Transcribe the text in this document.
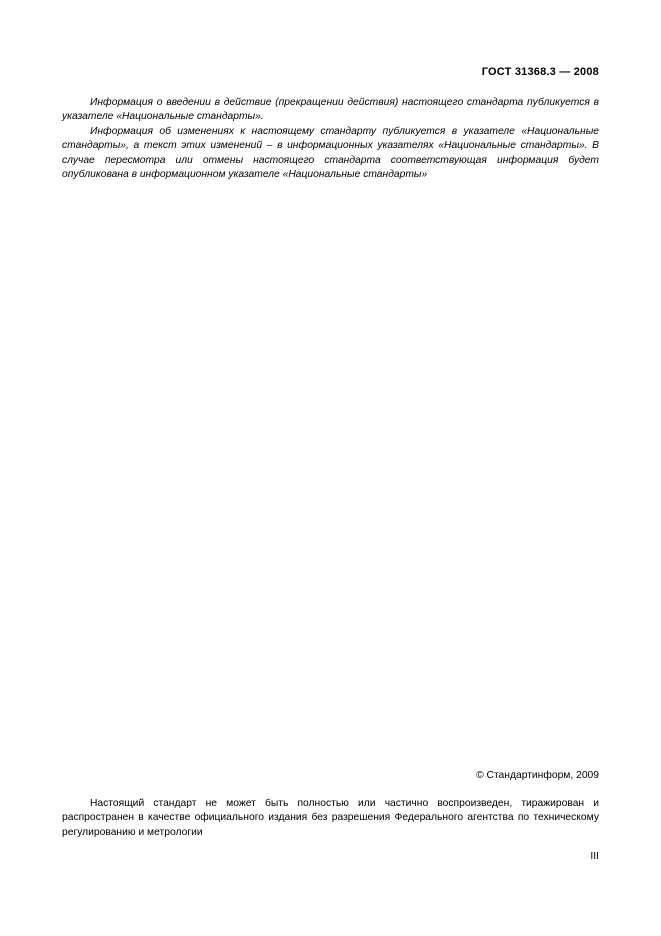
ГОСТ 31368.3 — 2008

Информация о введении в действие (прекращении действия) настоящего стандарта публикуется в указателе «Национальные стандарты».

Информация об изменениях к настоящему стандарту публикуется в указателе «Национальные стандарты», а текст этих изменений – в информационных указателях «Национальные стандарты». В случае пересмотра или отмены настоящего стандарта соответствующая информация будет опубликована в информационном указателе «Национальные стандарты»

© Стандартинформ, 2009

Настоящий стандарт не может быть полностью или частично воспроизведен, тиражирован и распространен в качестве официального издания без разрешения Федерального агентства по техническому регулированию и метрологии

III
